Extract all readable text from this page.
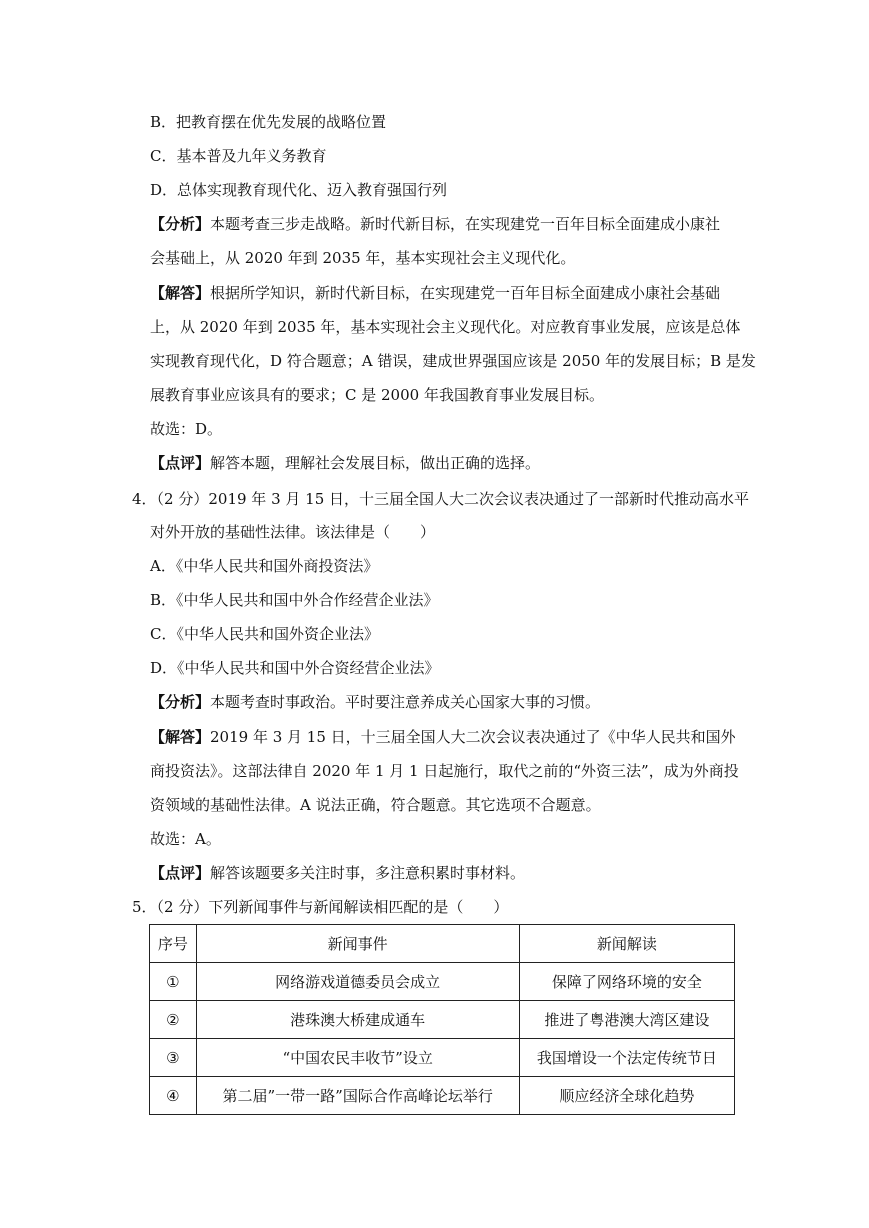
B．把教育摆在优先发展的战略位置
C．基本普及九年义务教育
D．总体实现教育现代化、迈入教育强国行列
【分析】本题考查三步走战略。新时代新目标，在实现建党一百年目标全面建成小康社
会基础上，从 2020 年到 2035 年，基本实现社会主义现代化。
【解答】根据所学知识，新时代新目标，在实现建党一百年目标全面建成小康社会基础
上，从 2020 年到 2035 年，基本实现社会主义现代化。对应教育事业发展，应该是总体
实现教育现代化，D 符合题意；A 错误，建成世界强国应该是 2050 年的发展目标；B 是发
展教育事业应该具有的要求；C 是 2000 年我国教育事业发展目标。
故选：D。
【点评】解答本题，理解社会发展目标，做出正确的选择。
4．（2 分）2019 年 3 月 15 日，十三届全国人大二次会议表决通过了一部新时代推动高水平
对外开放的基础性法律。该法律是（　　）
A．《中华人民共和国外商投资法》
B．《中华人民共和国中外合作经营企业法》
C．《中华人民共和国外资企业法》
D．《中华人民共和国中外合资经营企业法》
【分析】本题考查时事政治。平时要注意养成关心国家大事的习惯。
【解答】2019 年 3 月 15 日，十三届全国人大二次会议表决通过了《中华人民共和国外
商投资法》。这部法律自 2020 年 1 月 1 日起施行，取代之前的“外资三法”，成为外商投
资领域的基础性法律。A 说法正确，符合题意。其它选项不合题意。
故选：A。
【点评】解答该题要多关注时事，多注意积累时事材料。
5．（2 分）下列新闻事件与新闻解读相匹配的是（　　）
序号	新闻事件	新闻解读
①	网络游戏道德委员会成立	保障了网络环境的安全
②	港珠澳大桥建成通车	推进了粤港澳大湾区建设
③	“中国农民丰收节”设立	我国增设一个法定传统节日
④	第二届”一带一路”国际合作高峰论坛举行	顺应经济全球化趋势
